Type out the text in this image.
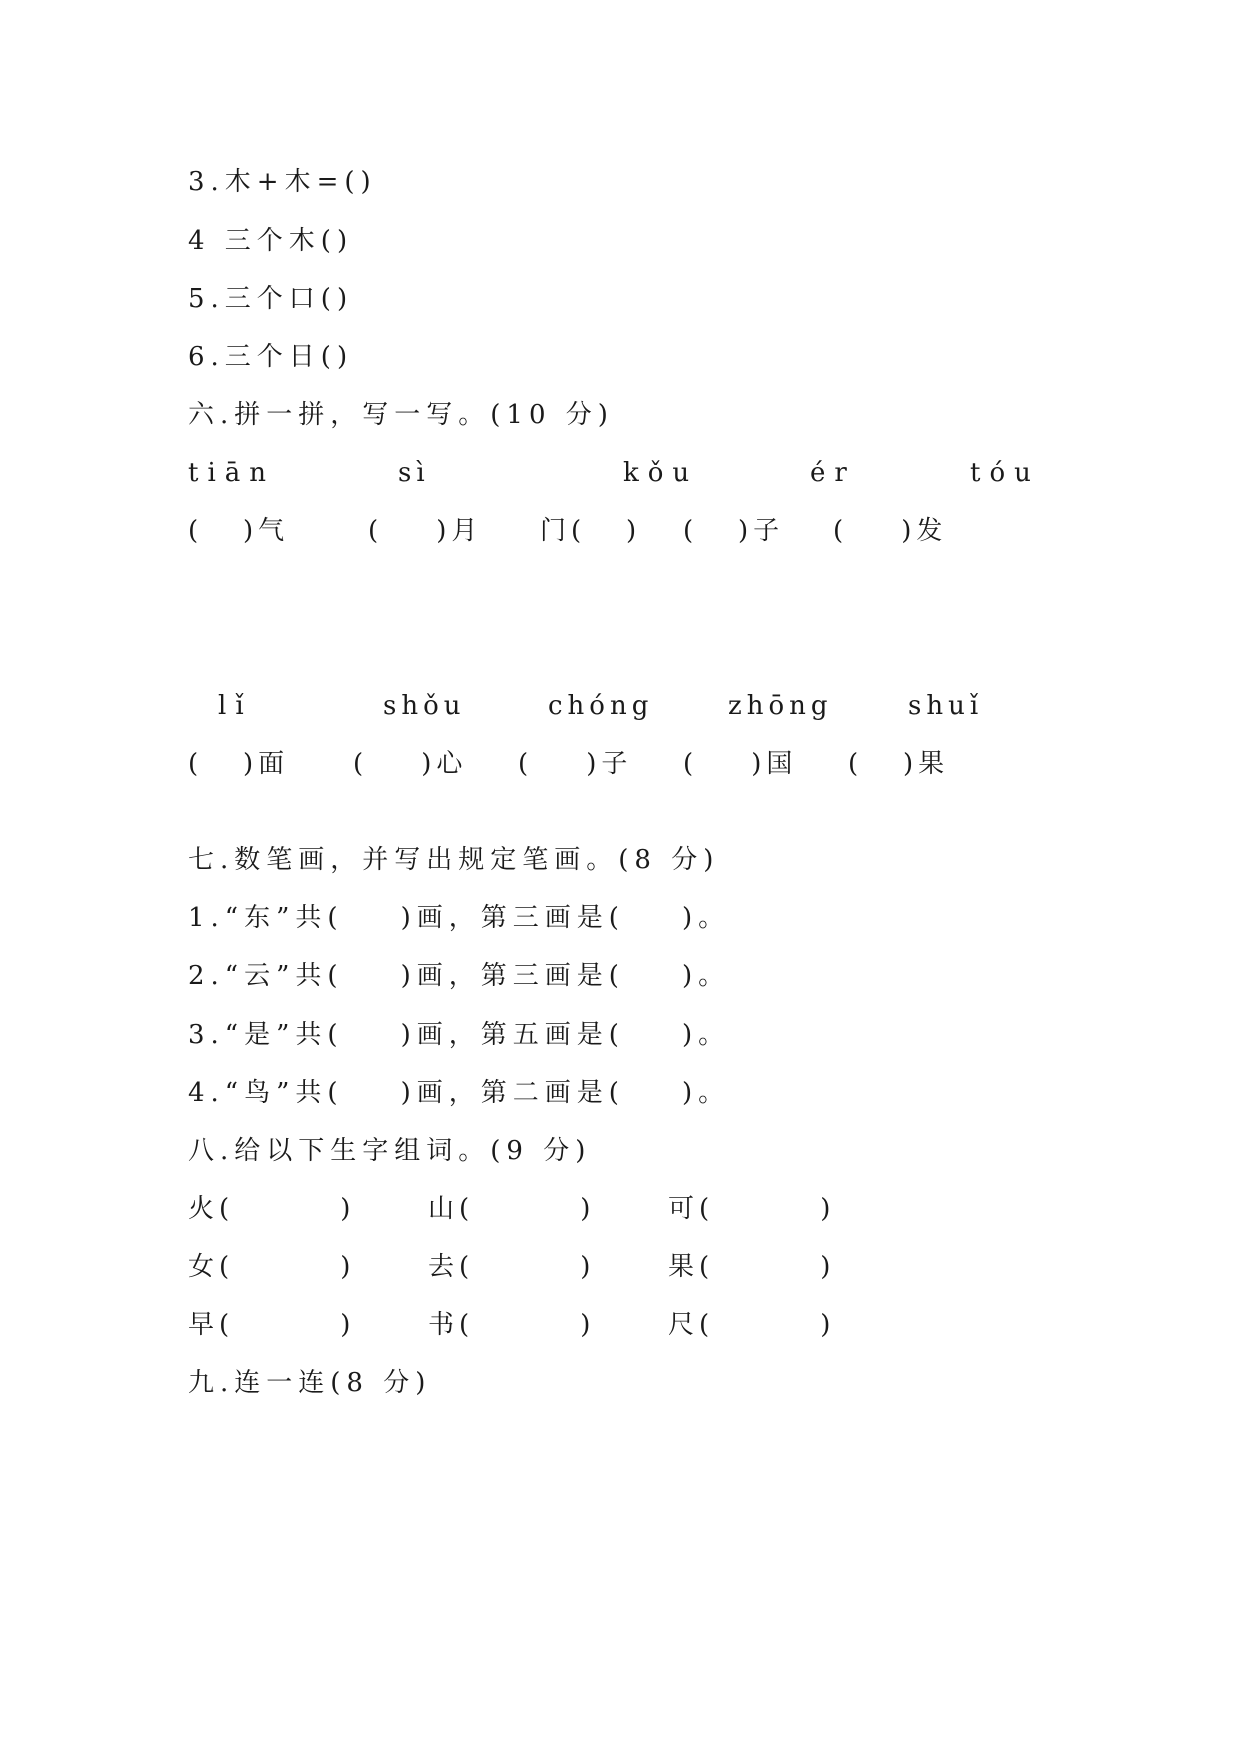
3.木+木=()
4 三个木()
5.三个口()
6.三个日()
六.拼一拼，写一写。(10 分)
tiān	sì	kǒu	ér	tóu
(   )气	(    )月 门(   ) (   )子 (    )发
lǐ	shǒu	chóng	zhōng	shuǐ
(   )面 (    )心 (    )子 (    )国 (   )果
七.数笔画，并写出规定笔画。(8 分)
1.“东”共(    )画，第三画是(    )。
2.“云”共(    )画，第三画是(    )。
3.“是”共(    )画，第五画是(    )。
4.“鸟”共(    )画，第二画是(    )。
八.给以下生字组词。(9 分)
火(        )	山(        )	可(        )
女(        )	去(        )	果(        )
早(        )	书(        )	尺(        )
九.连一连(8 分)
